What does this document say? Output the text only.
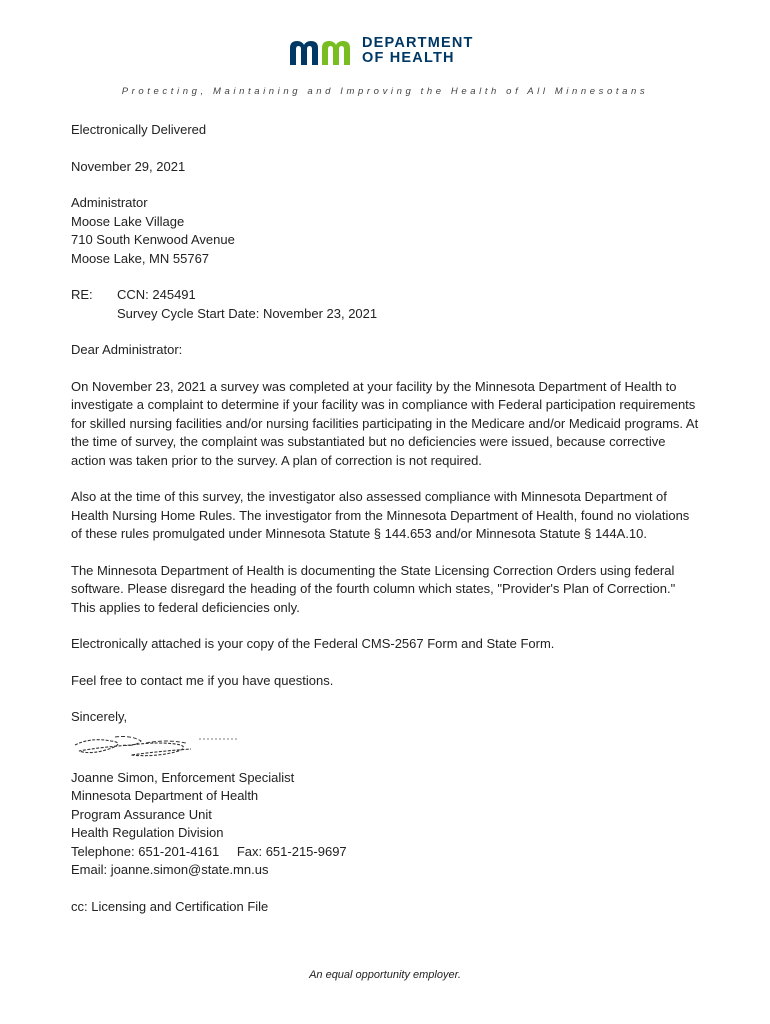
DEPARTMENT
OF HEALTH
Protecting, Maintaining and Improving the Health of All Minnesotans

Electronically Delivered

November 29, 2021

Administrator
Moose Lake Village
710 South Kenwood Avenue
Moose Lake, MN 55767
RE:	CCN: 245491
Survey Cycle Start Date: November 23, 2021

Dear Administrator:

On November 23, 2021 a survey was completed at your facility by the Minnesota Department of Health to investigate a complaint to determine if your facility was in compliance with Federal participation requirements for skilled nursing facilities and/or nursing facilities participating in the Medicare and/or Medicaid programs. At the time of survey, the complaint was substantiated but no deficiencies were issued, because corrective action was taken prior to the survey. A plan of correction is not required.

Also at the time of this survey, the investigator also assessed compliance with Minnesota Department of Health Nursing Home Rules. The investigator from the Minnesota Department of Health, found no violations of these rules promulgated under Minnesota Statute § 144.653 and/or Minnesota Statute § 144A.10.

The Minnesota Department of Health is documenting the State Licensing Correction Orders using federal software. Please disregard the heading of the fourth column which states, "Provider's Plan of Correction." This applies to federal deficiencies only.

Electronically attached is your copy of the Federal CMS-2567 Form and State Form.

Feel free to contact me if you have questions.

Sincerely,

Joanne Simon, Enforcement Specialist
Minnesota Department of Health
Program Assurance Unit
Health Regulation Division
Telephone: 651-201-4161 Fax: 651-215-9697
Email: joanne.simon@state.mn.us

cc: Licensing and Certification File

An equal opportunity employer.
